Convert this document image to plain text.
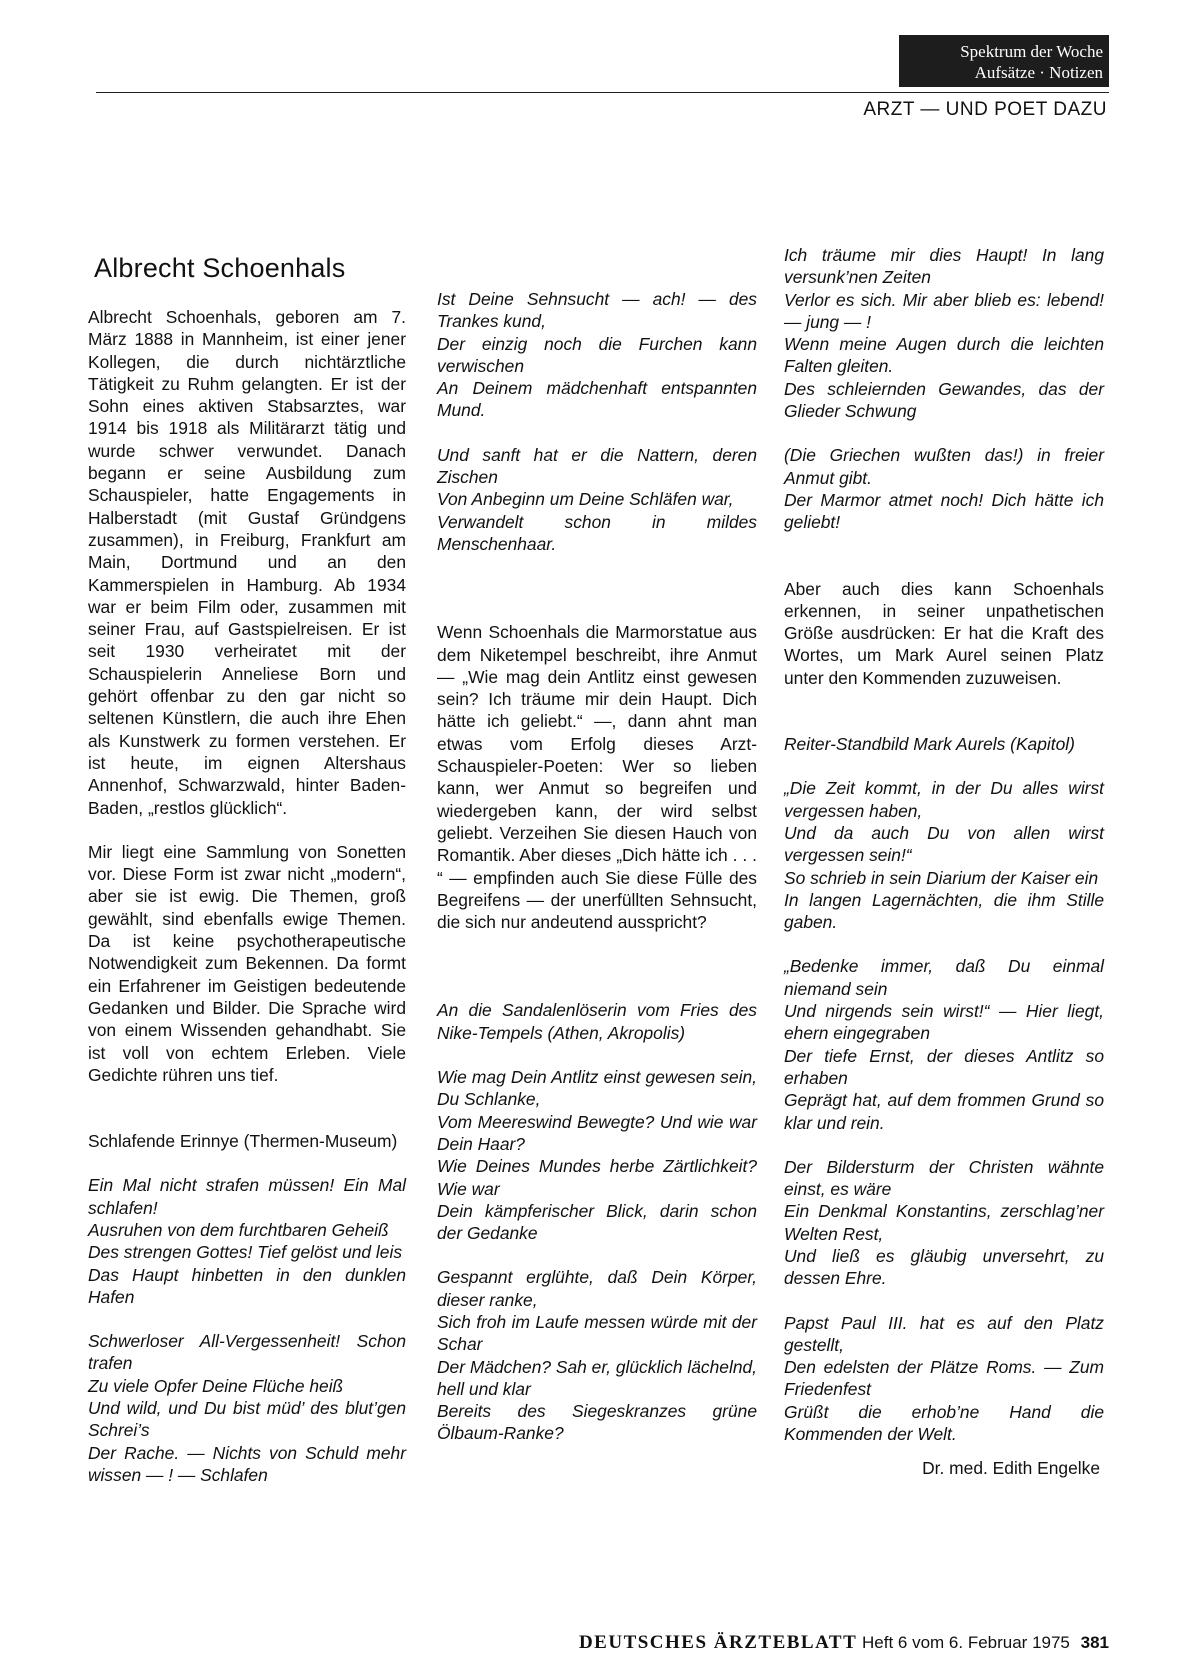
Spektrum der Woche
Aufsätze · Notizen
ARZT — UND POET DAZU
Albrecht Schoenhals

Albrecht Schoenhals, geboren am 7. März 1888 in Mannheim, ist einer jener Kollegen, die durch nichtärztliche Tätigkeit zu Ruhm gelangten. Er ist der Sohn eines aktiven Stabsarztes, war 1914 bis 1918 als Militärarzt tätig und wurde schwer verwundet. Danach begann er seine Ausbildung zum Schauspieler, hatte Engagements in Halberstadt (mit Gustaf Gründgens zusammen), in Freiburg, Frankfurt am Main, Dortmund und an den Kammerspielen in Hamburg. Ab 1934 war er beim Film oder, zusammen mit seiner Frau, auf Gastspielreisen. Er ist seit 1930 verheiratet mit der Schauspielerin Anneliese Born und gehört offenbar zu den gar nicht so seltenen Künstlern, die auch ihre Ehen als Kunstwerk zu formen verstehen. Er ist heute, im eignen Altershaus Annenhof, Schwarzwald, hinter Baden-Baden, „restlos glücklich“.

Mir liegt eine Sammlung von Sonetten vor. Diese Form ist zwar nicht „modern“, aber sie ist ewig. Die Themen, groß gewählt, sind ebenfalls ewige Themen. Da ist keine psychotherapeutische Notwendigkeit zum Bekennen. Da formt ein Erfahrener im Geistigen bedeutende Gedanken und Bilder. Die Sprache wird von einem Wissenden gehandhabt. Sie ist voll von echtem Erleben. Viele Gedichte rühren uns tief.

Schlafende Erinnye (Thermen-Museum)

Ein Mal nicht strafen müssen! Ein Mal schlafen!
Ausruhen von dem furchtbaren Geheiß
Des strengen Gottes! Tief gelöst und leis
Das Haupt hinbetten in den dunklen Hafen

Schwerloser All-Vergessenheit! Schon trafen
Zu viele Opfer Deine Flüche heiß
Und wild, und Du bist müd’ des blut’gen Schrei’s
Der Rache. — Nichts von Schuld mehr wissen — ! — Schlafen

Ist Deine Sehnsucht — ach! — des Trankes kund,
Der einzig noch die Furchen kann verwischen
An Deinem mädchenhaft entspannten Mund.

Und sanft hat er die Nattern, deren Zischen
Von Anbeginn um Deine Schläfen war,
Verwandelt schon in mildes Menschenhaar.

Wenn Schoenhals die Marmorstatue aus dem Niketempel beschreibt, ihre Anmut — „Wie mag dein Antlitz einst gewesen sein? Ich träume mir dein Haupt. Dich hätte ich geliebt.“ —, dann ahnt man etwas vom Erfolg dieses Arzt-Schauspieler-Poeten: Wer so lieben kann, wer Anmut so begreifen und wiedergeben kann, der wird selbst geliebt. Verzeihen Sie diesen Hauch von Romantik. Aber dieses „Dich hätte ich . . . “ — empfinden auch Sie diese Fülle des Begreifens — der unerfüllten Sehnsucht, die sich nur andeutend ausspricht?

An die Sandalenlöserin vom Fries des Nike-Tempels (Athen, Akropolis)

Wie mag Dein Antlitz einst gewesen sein, Du Schlanke,
Vom Meereswind Bewegte? Und wie war Dein Haar?
Wie Deines Mundes herbe Zärtlichkeit? Wie war
Dein kämpferischer Blick, darin schon der Gedanke

Gespannt erglühte, daß Dein Körper, dieser ranke,
Sich froh im Laufe messen würde mit der Schar
Der Mädchen? Sah er, glücklich lächelnd, hell und klar
Bereits des Siegeskranzes grüne Ölbaum-Ranke?

Ich träume mir dies Haupt! In lang versunk’nen Zeiten
Verlor es sich. Mir aber blieb es: lebend! — jung — !
Wenn meine Augen durch die leichten Falten gleiten.
Des schleiernden Gewandes, das der Glieder Schwung

(Die Griechen wußten das!) in freier Anmut gibt.
Der Marmor atmet noch! Dich hätte ich geliebt!

Aber auch dies kann Schoenhals erkennen, in seiner unpathetischen Größe ausdrücken: Er hat die Kraft des Wortes, um Mark Aurel seinen Platz unter den Kommenden zuzuweisen.

Reiter-Standbild Mark Aurels (Kapitol)

„Die Zeit kommt, in der Du alles wirst vergessen haben,
Und da auch Du von allen wirst vergessen sein!“
So schrieb in sein Diarium der Kaiser ein
In langen Lagernächten, die ihm Stille gaben.

„Bedenke immer, daß Du einmal niemand sein
Und nirgends sein wirst!“ — Hier liegt, ehern eingegraben
Der tiefe Ernst, der dieses Antlitz so erhaben
Geprägt hat, auf dem frommen Grund so klar und rein.

Der Bildersturm der Christen wähnte einst, es wäre
Ein Denkmal Konstantins, zerschlag’ner Welten Rest,
Und ließ es gläubig unversehrt, zu dessen Ehre.

Papst Paul III. hat es auf den Platz gestellt,
Den edelsten der Plätze Roms. — Zum Friedenfest
Grüßt die erhob’ne Hand die Kommenden der Welt.

Dr. med. Edith Engelke

DEUTSCHES ÄRZTEBLATT Heft 6 vom 6. Februar 1975 381
